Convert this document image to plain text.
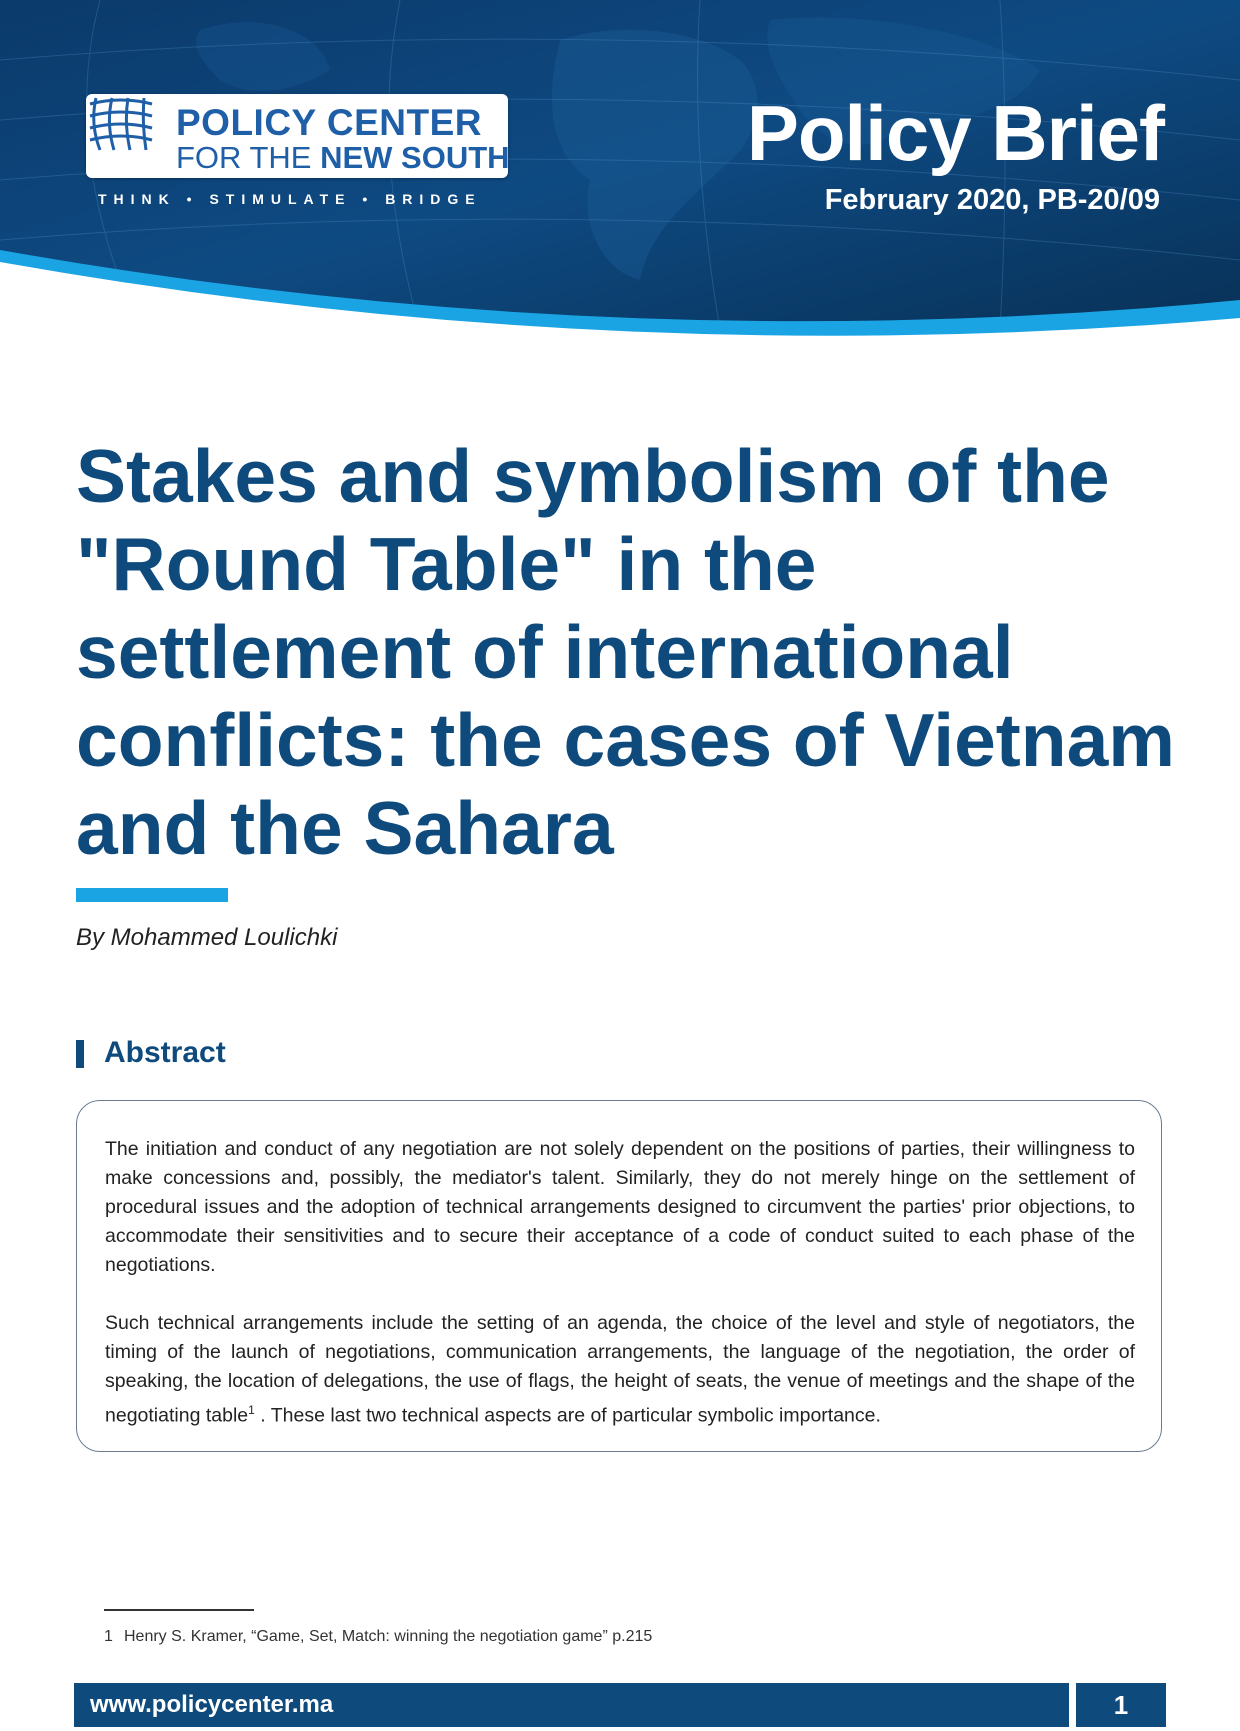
POLICY CENTER
FOR THE NEW SOUTH
THINK • STIMULATE • BRIDGE
Policy Brief
February 2020, PB-20/09
Stakes and symbolism of the "Round Table" in the settlement of international conflicts: the cases of Vietnam and the Sahara
By Mohammed Loulichki
Abstract

The initiation and conduct of any negotiation are not solely dependent on the positions of parties, their willingness to make concessions and, possibly, the mediator's talent. Similarly, they do not merely hinge on the settlement of procedural issues and the adoption of technical arrangements designed to circumvent the parties' prior objections, to accommodate their sensitivities and to secure their acceptance of a code of conduct suited to each phase of the negotiations.

Such technical arrangements include the setting of an agenda, the choice of the level and style of negotiators, the timing of the launch of negotiations, communication arrangements, the language of the negotiation, the order of speaking, the location of delegations, the use of flags, the height of seats, the venue of meetings and the shape of the negotiating table$^1$ . These last two technical aspects are of particular symbolic importance.

1 Henry S. Kramer, “Game, Set, Match: winning the negotiation game” p.215
www.policycenter.ma	1
